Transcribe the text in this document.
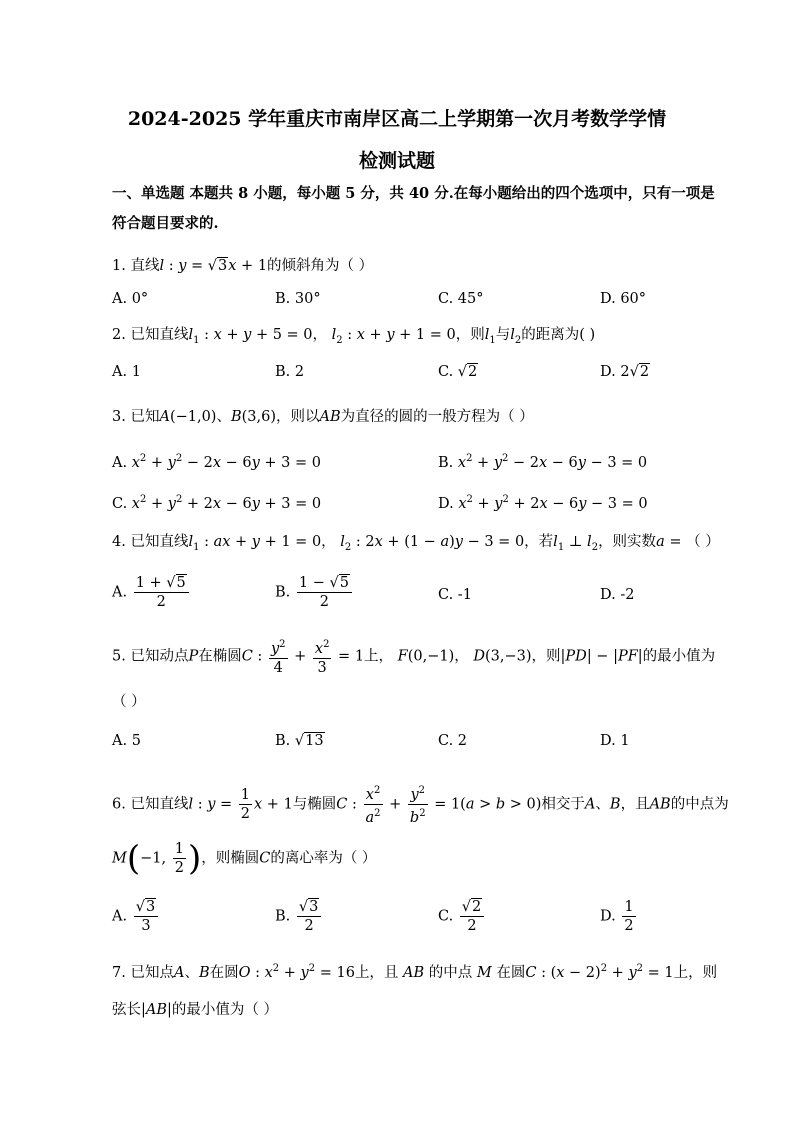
2024-2025 学年重庆市南岸区高二上学期第一次月考数学学情
检测试题
一、单选题 本题共 8 小题，每小题 5 分，共 40 分.在每小题给出的四个选项中，只有一项是
符合题目要求的.
1. 直线l : y = √3x + 1的倾斜角为（ ）
A. 0°	B. 30°	C. 45°	D. 60°
2. 已知直线$l_1$ : x + y + 5 = 0， $l_2$ : x + y + 1 = 0，则$l_1$与$l_2$的距离为( )
A. 1	B. 2	C. √2	D. 2√2
3. 已知A(−1,0)、B(3,6)，则以AB为直径的圆的一般方程为（ ）
A. $x^2 + y^2 - 2x - 6y + 3 = 0$	B. $x^2 + y^2 - 2x - 6y - 3 = 0$
C. $x^2 + y^2 + 2x - 6y + 3 = 0$	D. $x^2 + y^2 + 2x - 6y - 3 = 0$
4. 已知直线$l_1$ : ax + y + 1 = 0， $l_2$ : 2x + (1 − a)y − 3 = 0，若$l_1$ ⊥ $l_2$，则实数a = （ ）
A. $\frac{1 + √5}{2}$	B. $\frac{1 - √5}{2}$	C. -1	D. -2
5. 已知动点P在椭圆C : $\frac{y^2}{4} + \frac{x^2}{3} = 1$上， F(0,−1)， D(3,−3)，则|PD| − |PF|的最小值为
（ ）
A. 5	B. √13	C. 2	D. 1
6. 已知直线l : $y = \frac{1}{2}$ x + 1与椭圆C : $\frac{x^2}{a^2} + \frac{y^2}{b^2} = 1(a > b > 0)$相交于A、B，且AB的中点为
M(−1, $\frac{1}{2}$ )，则椭圆C的离心率为（ ）
A. $\frac{√3}{3}$	B. $\frac{√3}{2}$	C. $\frac{√2}{2}$	D. $\frac{1}{2}$
7. 已知点A、B在圆O : $x^2 + y^2 = 16$上，且 AB 的中点 M 在圆C : $(x - 2)^2 + y^2 = 1$上，则
弦长|AB|的最小值为（ ）
